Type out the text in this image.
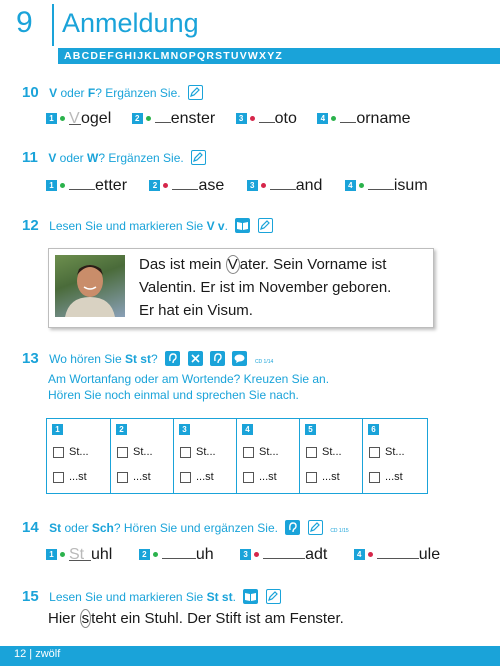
9 Anmeldung
ABCDEFGHIJKLMNOPQRSTUVWXYZ
10 V oder F? Ergänzen Sie.
1 Vogel	2 enster	3 oto	4 orname
11 V oder W? Ergänzen Sie.
1	etter	2	ase	3	and	4	isum
12 Lesen Sie und markieren Sie V v.

Das ist mein V ater. Sein Vorname ist
Valentin. Er ist im November geboren.
Er hat ein Visum.
13 Wo hören Sie St st?

	CD 1/14
Am Wortanfang oder am Wortende? Kreuzen Sie an.
Hören Sie noch einmal und sprechen Sie nach.
1
St...
...st
2
St...
...st
3
St...
...st
4
St...
...st
5
St...
...st
6
St...
...st
14 St oder Sch? Hören Sie und ergänzen Sie.
	CD 1/15
1 St uhl	2	uh	3	adt	4	ule
15 Lesen Sie und markieren Sie St st.

Hier s teht ein Stuhl. Der Stift ist am Fenster.
12 | zwölf
